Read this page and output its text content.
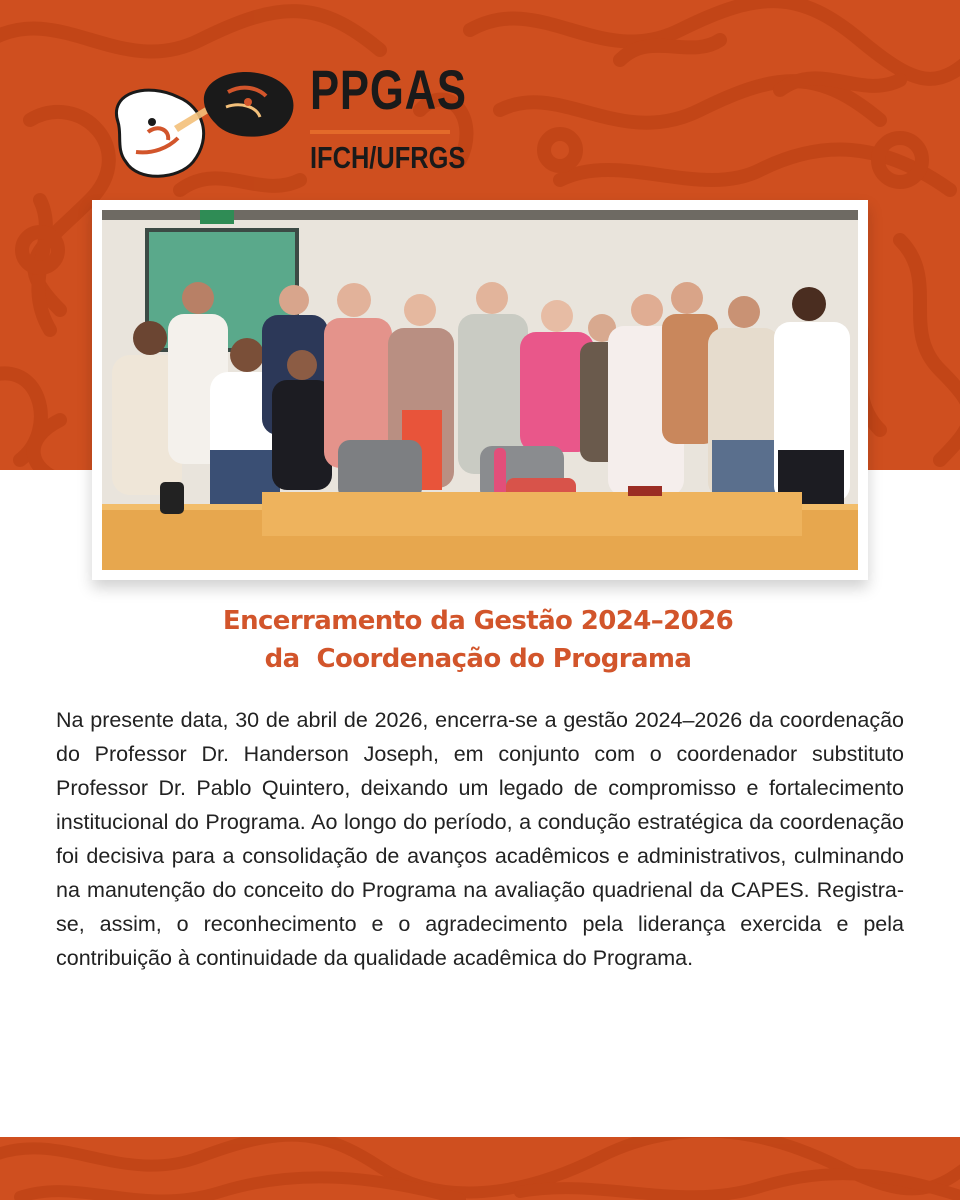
PPGAS
IFCH/UFRGS
Encerramento da Gestão 2024–2026
da  Coordenação do Programa
Na presente data, 30 de abril de 2026, encerra-se a gestão 2024–2026 da coordenação do Professor Dr. Handerson Joseph, em conjunto com o coordenador substituto Professor Dr. Pablo Quintero, deixando um legado de compromisso e fortalecimento institucional do Programa. Ao longo do período, a condução estratégica da coordenação foi decisiva para a consolidação de avanços acadêmicos e administrativos, culminando na manutenção do conceito do Programa na avaliação quadrienal da CAPES. Registra-se, assim, o reconhecimento e o agradecimento pela liderança exercida e pela contribuição à continuidade da qualidade acadêmica do Programa.
